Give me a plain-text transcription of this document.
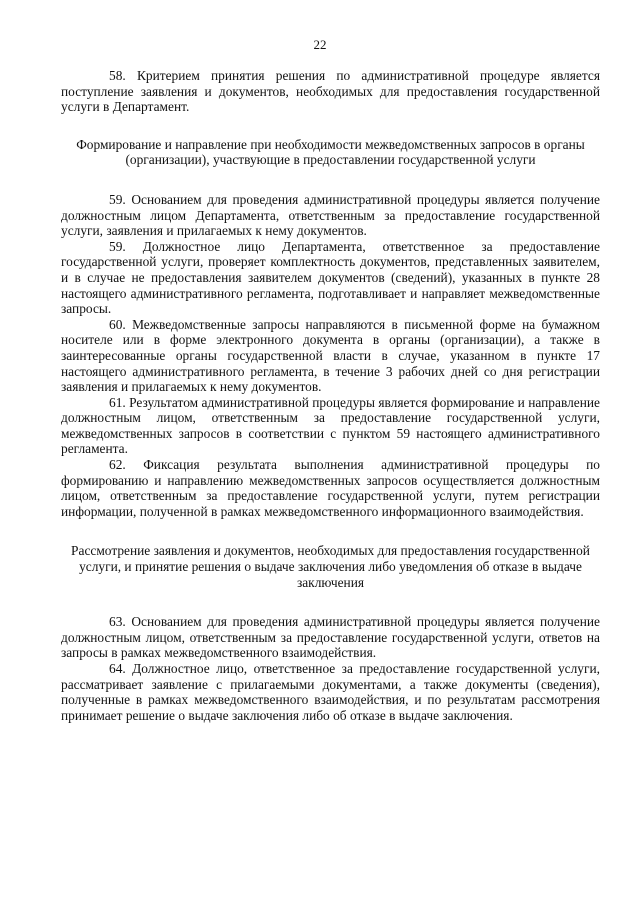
22

58. Критерием принятия решения по административной процедуре является поступление заявления и документов, необходимых для предоставления государственной услуги в Департамент.

Формирование и направление при необходимости межведомственных запросов в органы (организации), участвующие в предоставлении государственной услуги

59. Основанием для проведения административной процедуры является получение должностным лицом Департамента, ответственным за предоставление государственной услуги, заявления и прилагаемых к нему документов.

59. Должностное лицо Департамента, ответственное за предоставление государственной услуги, проверяет комплектность документов, представленных заявителем, и в случае не предоставления заявителем документов (сведений), указанных в пункте 28 настоящего административного регламента, подготавливает и направляет межведомственные запросы.

60. Межведомственные запросы направляются в письменной форме на бумажном носителе или в форме электронного документа в органы (организации), а также в заинтересованные органы государственной власти в случае, указанном в пункте 17 настоящего административного регламента, в течение 3 рабочих дней со дня регистрации заявления и прилагаемых к нему документов.

61. Результатом административной процедуры является формирование и направление должностным лицом, ответственным за предоставление государственной услуги, межведомственных запросов в соответствии с пунктом 59 настоящего административного регламента.

62. Фиксация результата выполнения административной процедуры по формированию и направлению межведомственных запросов осуществляется должностным лицом, ответственным за предоставление государственной услуги, путем регистрации информации, полученной в рамках межведомственного информационного взаимодействия.

Рассмотрение заявления и документов, необходимых для предоставления государственной услуги, и принятие решения о выдаче заключения либо уведомления об отказе в выдаче заключения

63. Основанием для проведения административной процедуры является получение должностным лицом, ответственным за предоставление государственной услуги, ответов на запросы в рамках межведомственного взаимодействия.

64. Должностное лицо, ответственное за предоставление государственной услуги, рассматривает заявление с прилагаемыми документами, а также документы (сведения), полученные в рамках межведомственного взаимодействия, и по результатам рассмотрения принимает решение о выдаче заключения либо об отказе в выдаче заключения.
